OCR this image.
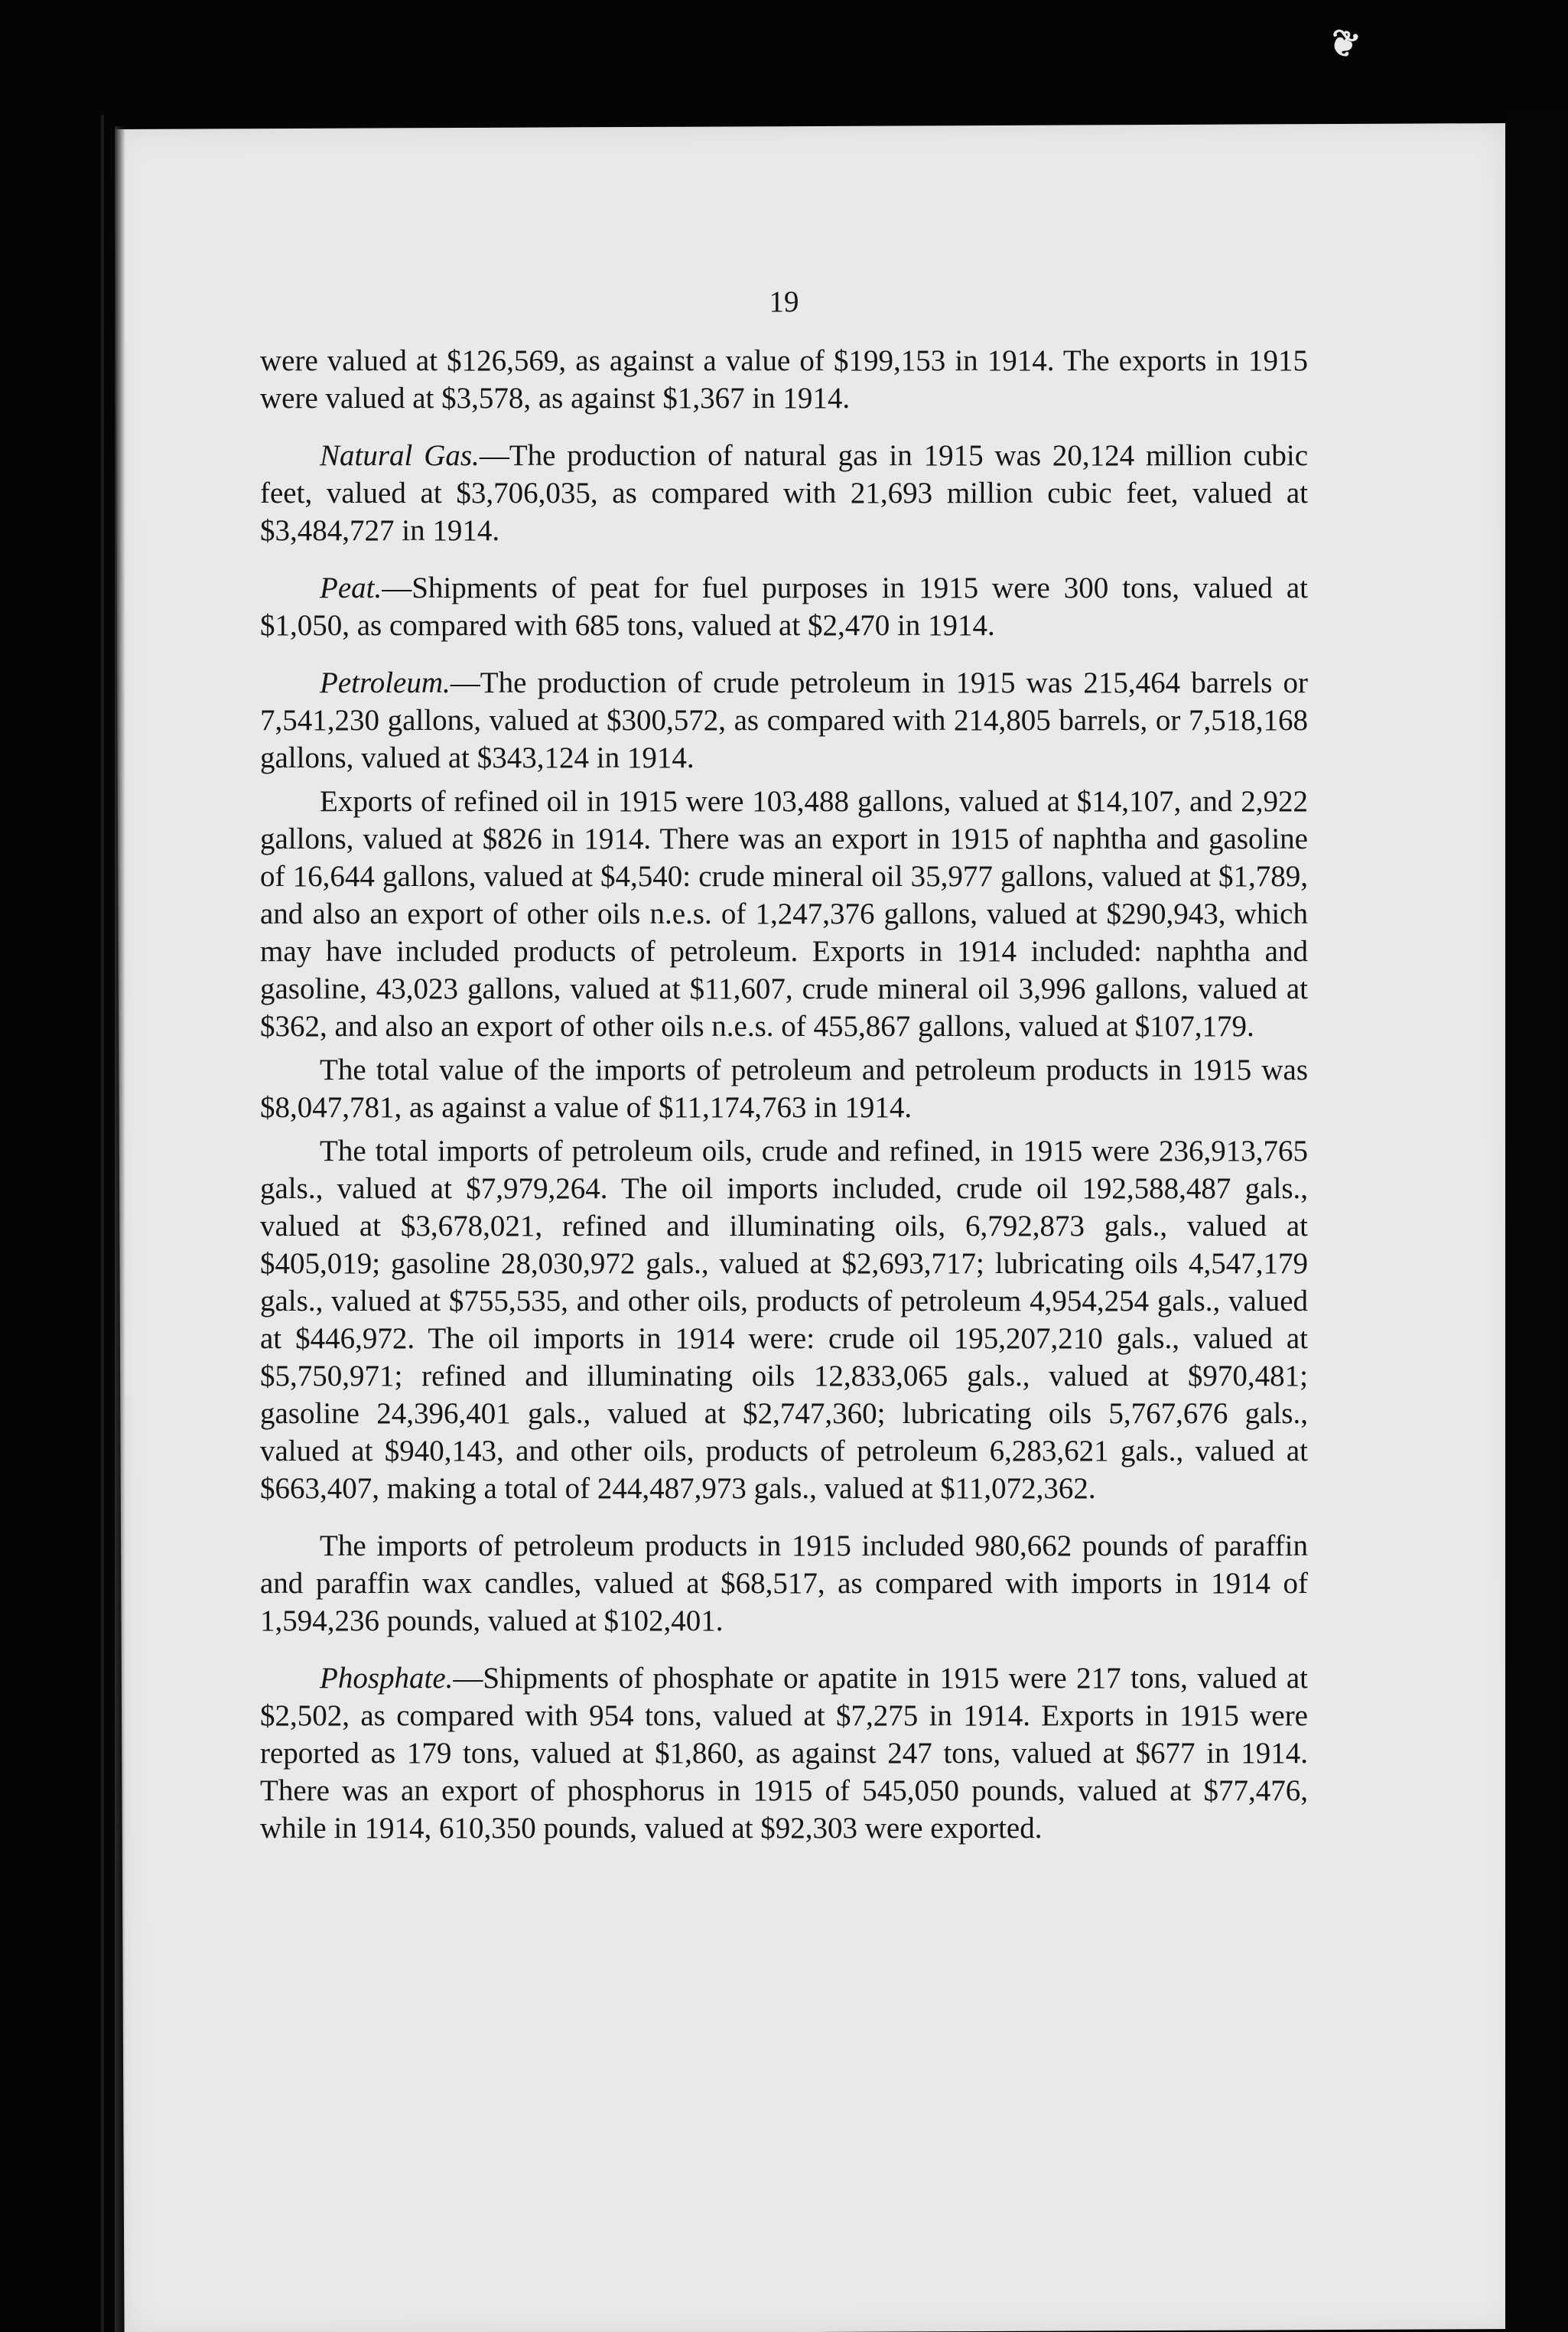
❦
19

were valued at $126,569, as against a value of $199,153 in 1914. The exports in 1915 were valued at $3,578, as against $1,367 in 1914.

Natural Gas.—The production of natural gas in 1915 was 20,124 million cubic feet, valued at $3,706,035, as compared with 21,693 million cubic feet, valued at $3,484,727 in 1914.

Peat.—Shipments of peat for fuel purposes in 1915 were 300 tons, valued at $1,050, as compared with 685 tons, valued at $2,470 in 1914.

Petroleum.—The production of crude petroleum in 1915 was 215,464 barrels or 7,541,230 gallons, valued at $300,572, as compared with 214,805 barrels, or 7,518,168 gallons, valued at $343,124 in 1914.

Exports of refined oil in 1915 were 103,488 gallons, valued at $14,107, and 2,922 gallons, valued at $826 in 1914. There was an export in 1915 of naphtha and gasoline of 16,644 gallons, valued at $4,540: crude mineral oil 35,977 gallons, valued at $1,789, and also an export of other oils n.e.s. of 1,247,376 gallons, valued at $290,943, which may have included products of petroleum. Exports in 1914 included: naphtha and gasoline, 43,023 gallons, valued at $11,607, crude mineral oil 3,996 gallons, valued at $362, and also an export of other oils n.e.s. of 455,867 gallons, valued at $107,179.

The total value of the imports of petroleum and petroleum products in 1915 was $8,047,781, as against a value of $11,174,763 in 1914.

The total imports of petroleum oils, crude and refined, in 1915 were 236,913,765 gals., valued at $7,979,264. The oil imports included, crude oil 192,588,487 gals., valued at $3,678,021, refined and illuminating oils, 6,792,873 gals., valued at $405,019; gasoline 28,030,972 gals., valued at $2,693,717; lubricating oils 4,547,179 gals., valued at $755,535, and other oils, products of petroleum 4,954,254 gals., valued at $446,972. The oil imports in 1914 were: crude oil 195,207,210 gals., valued at $5,750,971; refined and illuminating oils 12,833,065 gals., valued at $970,481; gasoline 24,396,401 gals., valued at $2,747,360; lubricating oils 5,767,676 gals., valued at $940,143, and other oils, products of petroleum 6,283,621 gals., valued at $663,407, making a total of 244,487,973 gals., valued at $11,072,362.

The imports of petroleum products in 1915 included 980,662 pounds of paraffin and paraffin wax candles, valued at $68,517, as compared with imports in 1914 of 1,594,236 pounds, valued at $102,401.

Phosphate.—Shipments of phosphate or apatite in 1915 were 217 tons, valued at $2,502, as compared with 954 tons, valued at $7,275 in 1914. Exports in 1915 were reported as 179 tons, valued at $1,860, as against 247 tons, valued at $677 in 1914. There was an export of phosphorus in 1915 of 545,050 pounds, valued at $77,476, while in 1914, 610,350 pounds, valued at $92,303 were exported.
